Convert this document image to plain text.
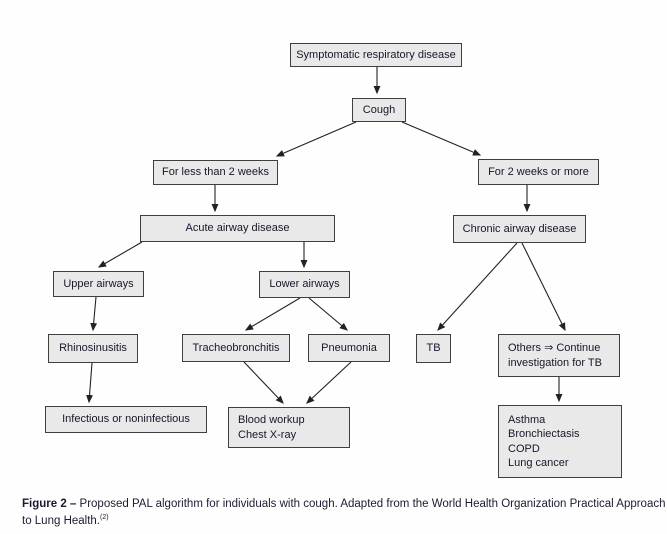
Symptomatic respiratory disease
Cough
For less than 2 weeks	For 2 weeks or more
Acute airway disease	Chronic airway disease
Upper airways	Lower airways
Rhinosinusitis	Tracheobronchitis	Pneumonia	TB	Others ⇒ Continue
investigation for TB
Infectious or noninfectious	Blood workup
Chest X-ray
Asthma
Bronchiectasis
COPD
Lung cancer

Figure 2 – Proposed PAL algorithm for individuals with cough. Adapted from the World Health Organization Practical Approach to Lung Health.$^{(2)}$
